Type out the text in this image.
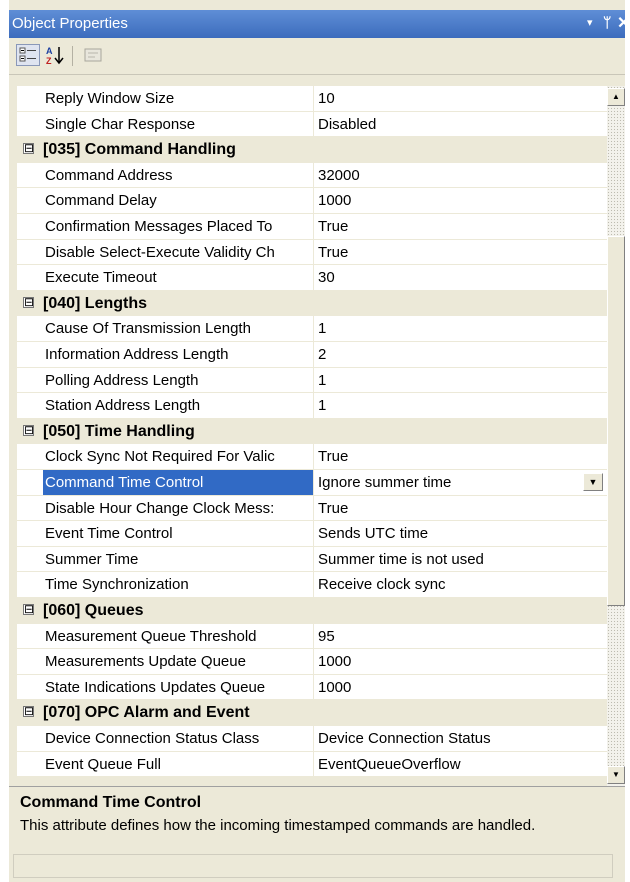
Object Properties	▾ ᛘ ✕
A
Z
Reply Window Size	10
Single Char Response	Disabled
⊟ [035] Command Handling
Command Address	32000
Command Delay	1000
Confirmation Messages Placed To	True
Disable Select-Execute Validity Ch	True
Execute Timeout	30
⊟ [040] Lengths
Cause Of Transmission Length	1
Information Address Length	2
Polling Address Length	1
Station Address Length	1
⊟ [050] Time Handling
Clock Sync Not Required For Valic	True
Command Time Control	Ignore summer time	▼
Disable Hour Change Clock Mess:	True
Event Time Control	Sends UTC time
Summer Time	Summer time is not used
Time Synchronization	Receive clock sync
⊟ [060] Queues
Measurement Queue Threshold	95
Measurements Update Queue	1000
State Indications Updates Queue	1000
⊟ [070] OPC Alarm and Event
Device Connection Status Class	Device Connection Status
Event Queue Full	EventQueueOverflow
▲
▼
Command Time Control
This attribute defines how the incoming timestamped commands are handled.
